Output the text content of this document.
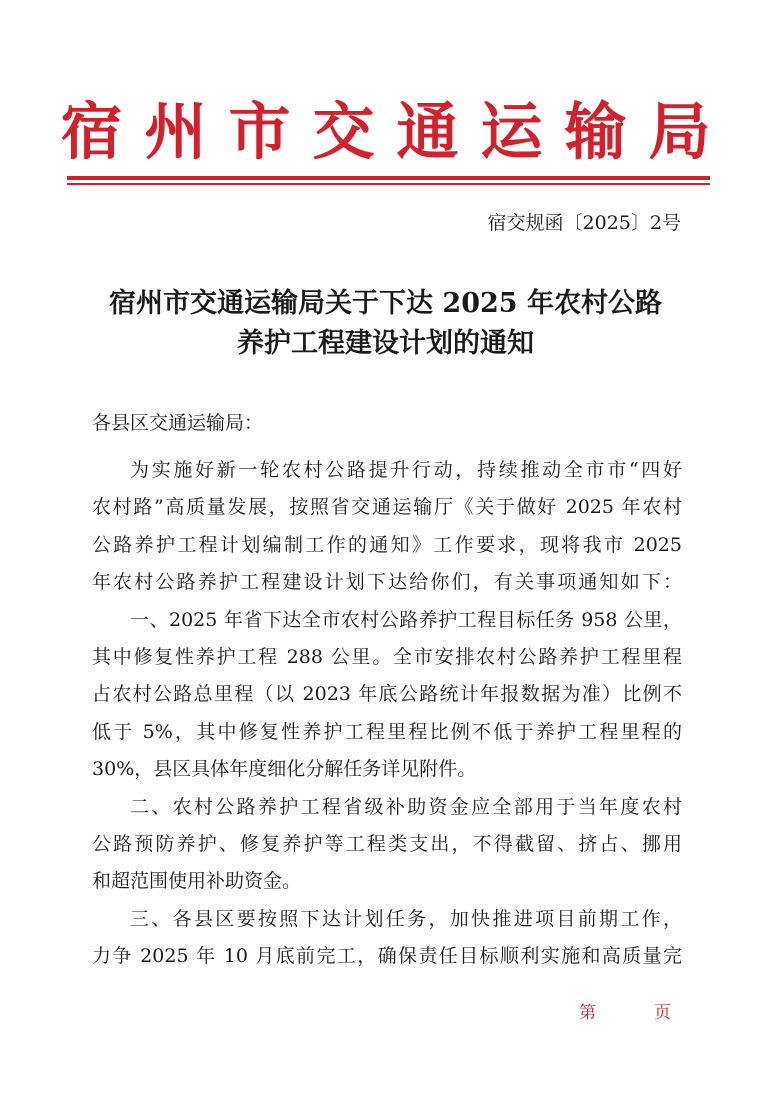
宿州市交通运输局
宿交规函〔2025〕2号
宿州市交通运输局关于下达 2025 年农村公路
养护工程建设计划的通知
各县区交通运输局：
为实施好新一轮农村公路提升行动，持续推动全市市“四好
农村路”高质量发展，按照省交通运输厅《关于做好 2025 年农村
公路养护工程计划编制工作的通知》工作要求，现将我市 2025
年农村公路养护工程建设计划下达给你们，有关事项通知如下：
一、2025 年省下达全市农村公路养护工程目标任务 958 公里，
其中修复性养护工程 288 公里。全市安排农村公路养护工程里程
占农村公路总里程（以 2023 年底公路统计年报数据为准）比例不
低于 5%，其中修复性养护工程里程比例不低于养护工程里程的
30%，县区具体年度细化分解任务详见附件。
二、农村公路养护工程省级补助资金应全部用于当年度农村
公路预防养护、修复养护等工程类支出，不得截留、挤占、挪用
和超范围使用补助资金。
三、各县区要按照下达计划任务，加快推进项目前期工作，
力争 2025 年 10 月底前完工，确保责任目标顺利实施和高质量完
第	页
